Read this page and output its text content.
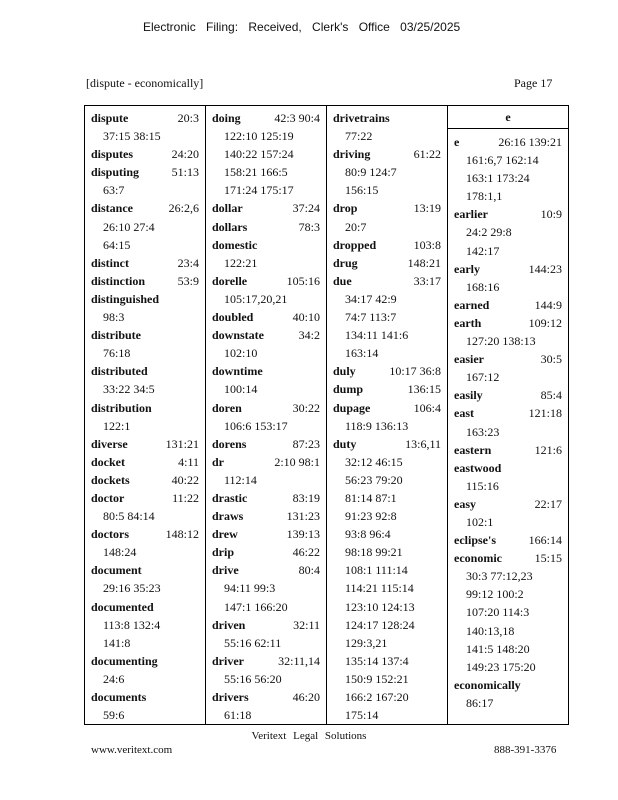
Electronic Filing: Received, Clerk's Office 03/25/2025
[dispute - economically]	Page 17
dispute	20:3
37:15 38:15
disputes	24:20
disputing	51:13
63:7
distance	26:2,6
26:10 27:4
64:15
distinct	23:4
distinction	53:9
distinguished
98:3
distribute
76:18
distributed
33:22 34:5
distribution
122:1
diverse	131:21
docket	4:11
dockets	40:22
doctor	11:22
80:5 84:14
doctors	148:12
148:24
document
29:16 35:23
documented
113:8 132:4
141:8
documenting
24:6
documents
59:6
doing	42:3 90:4
122:10 125:19
140:22 157:24
158:21 166:5
171:24 175:17
dollar	37:24
dollars	78:3
domestic
122:21
dorelle	105:16
105:17,20,21
doubled	40:10
downstate	34:2
102:10
downtime
100:14
doren	30:22
106:6 153:17
dorens	87:23
dr	2:10 98:1
112:14
drastic	83:19
draws	131:23
drew	139:13
drip	46:22
drive	80:4
94:11 99:3
147:1 166:20
driven	32:11
55:16 62:11
driver	32:11,14
55:16 56:20
drivers	46:20
61:18
drivetrains
77:22
driving	61:22
80:9 124:7
156:15
drop	13:19
20:7
dropped	103:8
drug	148:21
due	33:17
34:17 42:9
74:7 113:7
134:11 141:6
163:14
duly	10:17 36:8
dump	136:15
dupage	106:4
118:9 136:13
duty	13:6,11
32:12 46:15
56:23 79:20
81:14 87:1
91:23 92:8
93:8 96:4
98:18 99:21
108:1 111:14
114:21 115:14
123:10 124:13
124:17 128:24
129:3,21
135:14 137:4
150:9 152:21
166:2 167:20
175:14
e
e	26:16 139:21
161:6,7 162:14
163:1 173:24
178:1,1
earlier	10:9
24:2 29:8
142:17
early	144:23
168:16
earned	144:9
earth	109:12
127:20 138:13
easier	30:5
167:12
easily	85:4
east	121:18
163:23
eastern	121:6
eastwood
115:16
easy	22:17
102:1
eclipse's	166:14
economic	15:15
30:3 77:12,23
99:12 100:2
107:20 114:3
140:13,18
141:5 148:20
149:23 175:20
economically
86:17
Veritext Legal Solutions
www.veritext.com	888-391-3376
